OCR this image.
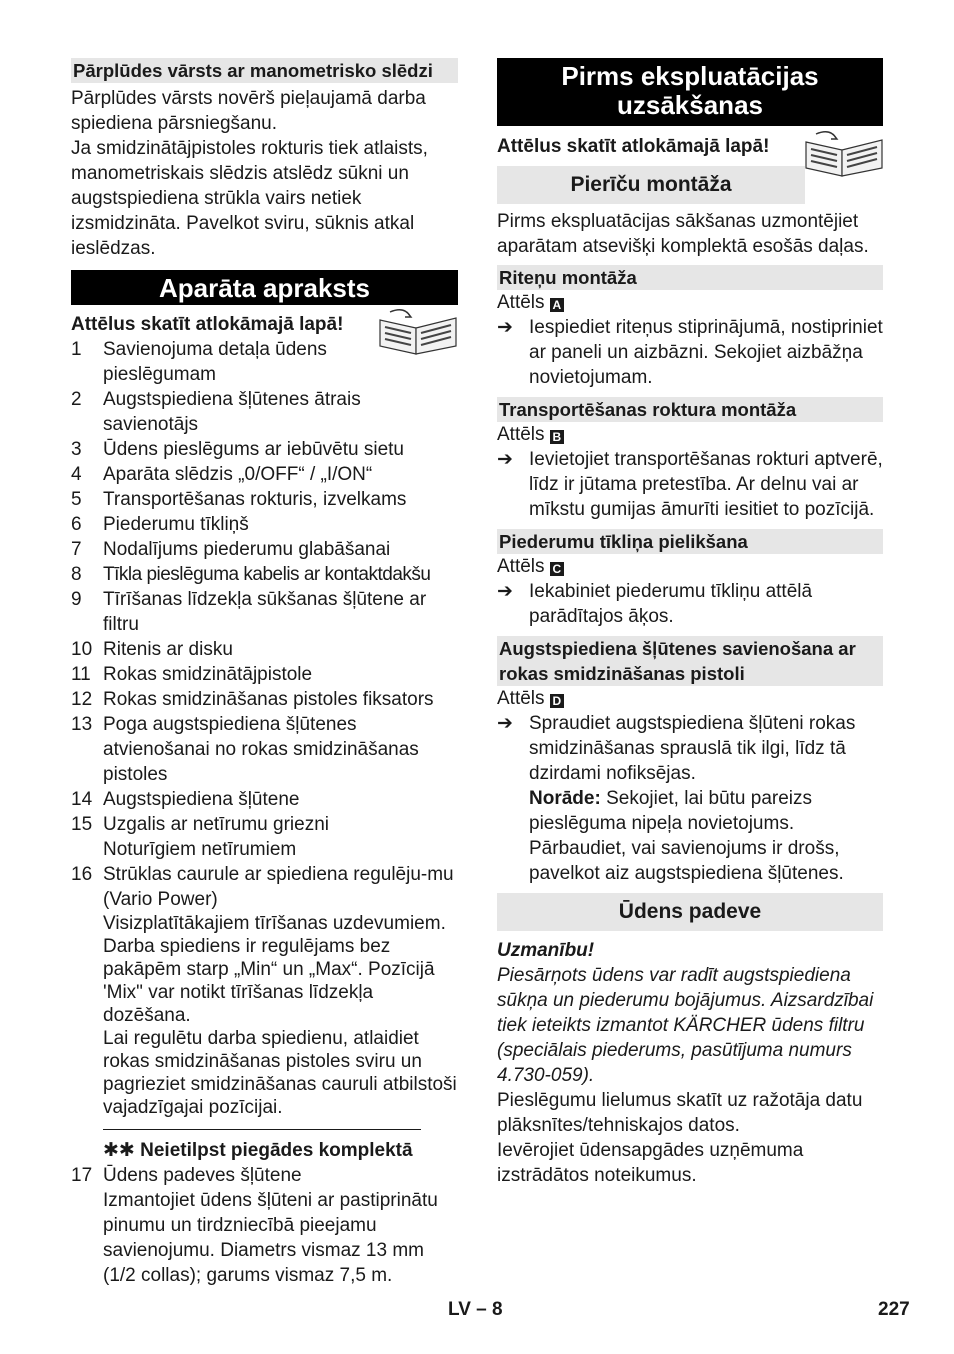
Pārplūdes vārsts ar manometrisko slēdzi

Pārplūdes vārsts novērš pieļaujamā darba spiediena pārsniegšanu.

Ja smidzinātājpistoles rokturis tiek atlaists, manometriskais slēdzis atslēdz sūkni un augstspiediena strūkla vairs netiek izsmidzināta. Pavelkot sviru, sūknis atkal ieslēdzas.

Aparāta apraksts

Attēlus skatīt atlokāmajā lapā!

1	Savienojuma detaļa ūdens pieslēgumam
2	Augstspiediena šļūtenes ātrais savienotājs
3	Ūdens pieslēgums ar iebūvētu sietu
4	Aparāta slēdzis „0/OFF“ / „I/ON“
5	Transportēšanas rokturis, izvelkams
6	Piederumu tīkliņš
7	Nodalījums piederumu glabāšanai
8	Tīkla pieslēguma kabelis ar kontaktdakšu
9	Tīrīšanas līdzekļa sūkšanas šļūtene ar filtru
10 Ritenis ar disku
11 Rokas smidzinātājpistole
12 Rokas smidzināšanas pistoles fiksators
13 Poga augstspiediena šļūtenes atvienošanai no rokas smidzināšanas pistoles
14 Augstspiediena šļūtene
15 Uzgalis ar netīrumu griezni Noturīgiem netīrumiem
16 Strūklas caurule ar spiediena regulēju-mu (Vario Power)

Visizplatītākajiem tīrīšanas uzdevumiem. Darba spiediens ir regulējams bez pakāpēm starp „Min“ un „Max“. Pozīcijā 'Mix" var notikt tīrīšanas līdzekļa dozēšana.

Lai regulētu darba spiedienu, atlaidiet rokas smidzināšanas pistoles sviru un pagrieziet smidzināšanas cauruli atbilstoši vajadzīgajai pozīcijai.

✱✱ Neietilpst piegādes komplektā

17 Ūdens padeves šļūtene

Izmantojiet ūdens šļūteni ar pastiprinātu pinumu un tirdzniecībā pieejamu savienojumu. Diametrs vismaz 13 mm (1/2 collas); garums vismaz 7,5 m.

Pirms ekspluatācijas uzsākšanas

Attēlus skatīt atlokāmajā lapā!

Pierīču montāža

Pirms ekspluatācijas sākšanas uzmontējiet aparātam atsevišķi komplektā esošās daļas.

Riteņu montāža

Attēls A

➔ Iespiediet riteņus stiprinājumā, nostipriniet ar paneli un aizbāzni. Sekojiet aizbāžņa novietojumam.

Transportēšanas roktura montāža

Attēls B

➔ Ievietojiet transportēšanas rokturi aptverē, līdz ir jūtama pretestība. Ar delnu vai ar mīkstu gumijas āmurīti iesitiet to pozīcijā.

Piederumu tīkliņa pielikšana

Attēls C

➔ Iekabiniet piederumu tīkliņu attēlā parādītajos āķos.

Augstspiediena šļūtenes savienošana ar rokas smidzināšanas pistoli

Attēls D

➔ Spraudiet augstspiediena šļūteni rokas smidzināšanas sprauslā tik ilgi, līdz tā dzirdami nofiksējas.

Norāde: Sekojiet, lai būtu pareizs pieslēguma nipeļa novietojums.

Pārbaudiet, vai savienojums ir drošs, pavelkot aiz augstspiediena šļūtenes.

Ūdens padeve

Uzmanību!

Piesārņots ūdens var radīt augstspiediena sūkņa un piederumu bojājumus. Aizsardzībai tiek ieteikts izmantot KÄRCHER ūdens filtru (speciālais piederums, pasūtījuma numurs 4.730-059).

Pieslēgumu lielumus skatīt uz ražotāja datu plāksnītes/tehniskajos datos.

Ievērojiet ūdensapgādes uzņēmuma izstrādātos noteikumus.

LV – 8	227
